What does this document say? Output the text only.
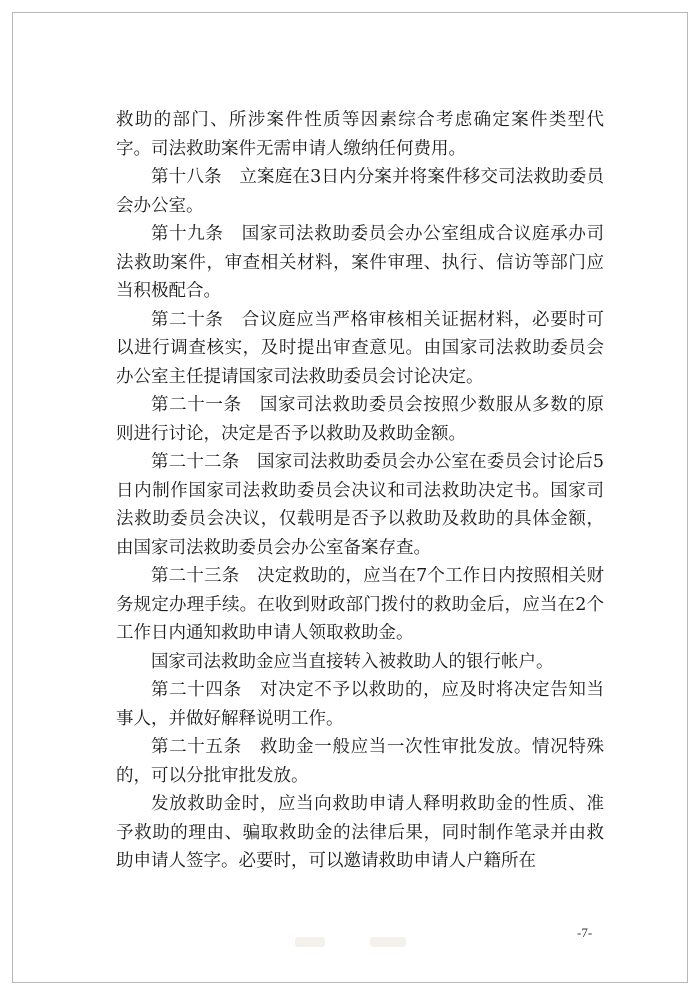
救助的部门、所涉案件性质等因素综合考虑确定案件类型代字。司法救助案件无需申请人缴纳任何费用。

第十八条　立案庭在3日内分案并将案件移交司法救助委员会办公室。

第十九条　国家司法救助委员会办公室组成合议庭承办司法救助案件，审查相关材料，案件审理、执行、信访等部门应当积极配合。

第二十条　合议庭应当严格审核相关证据材料，必要时可以进行调查核实，及时提出审查意见。由国家司法救助委员会办公室主任提请国家司法救助委员会讨论决定。

第二十一条　国家司法救助委员会按照少数服从多数的原则进行讨论，决定是否予以救助及救助金额。

第二十二条　国家司法救助委员会办公室在委员会讨论后5日内制作国家司法救助委员会决议和司法救助决定书。国家司法救助委员会决议，仅载明是否予以救助及救助的具体金额，由国家司法救助委员会办公室备案存查。

第二十三条　决定救助的，应当在7个工作日内按照相关财务规定办理手续。在收到财政部门拨付的救助金后，应当在2个工作日内通知救助申请人领取救助金。

国家司法救助金应当直接转入被救助人的银行帐户。

第二十四条　对决定不予以救助的，应及时将决定告知当事人，并做好解释说明工作。

第二十五条　救助金一般应当一次性审批发放。情况特殊的，可以分批审批发放。

发放救助金时，应当向救助申请人释明救助金的性质、准予救助的理由、骗取救助金的法律后果，同时制作笔录并由救助申请人签字。必要时，可以邀请救助申请人户籍所在

-7-
